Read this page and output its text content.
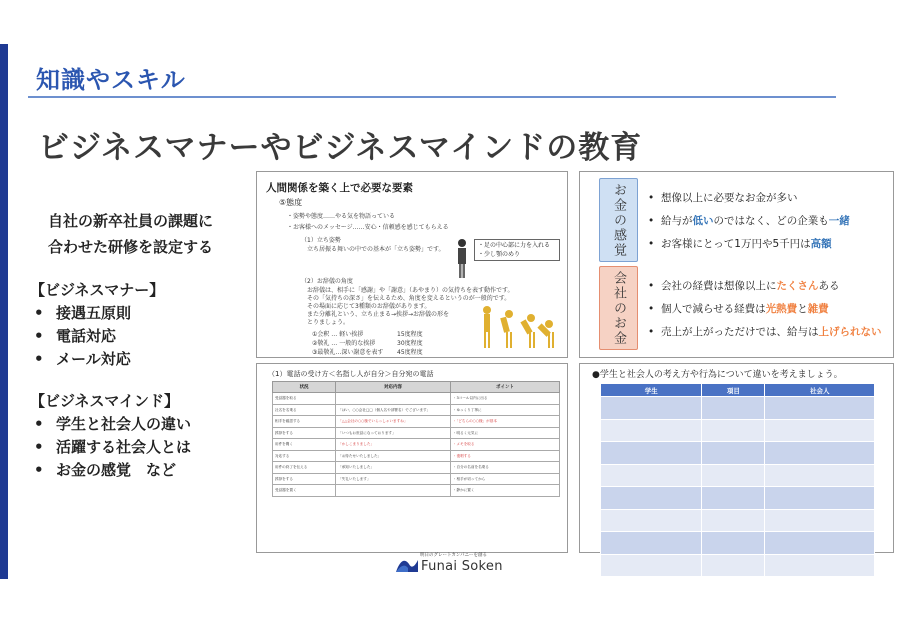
知識やスキル
ビジネスマナーやビジネスマインドの教育
自社の新卒社員の課題に
合わせた研修を設定する
【ビジネスマナー】
• 接遇五原則
• 電話対応
• メール対応
【ビジネスマインド】
• 学生と社会人の違い
• 活躍する社会人とは
• お金の感覚　など
人間関係を築く上で必要な要素
⑤態度
・姿勢や態度……やる気を物語っている
・お客様へのメッセージ……安心・信頼感を感じてもらえる
（1）立ち姿勢
立ち居振る舞いの中での基本が「立ち姿勢」です。
・足の中心部に力を入れる
・少し顎のめり
（2）お辞儀の角度
お辞儀は、相手に「感謝」や「謝意」（あやまり）の気持ちを表す動作です。
その「気持ちの深さ」を伝えるため、角度を変えるというのが一般的です。
その場面に応じて3種類のお辞儀があります。
また分離礼という、立ち止まる→挨拶→お辞儀の形を
とりましょう。
①会釈 … 軽い挨拶	15度程度
②敬礼 … 一般的な挨拶	30度程度
③最敬礼…深い謝意を表す 45度程度
（1）電話の受け方＜名指し人が自分＞自分宛の電話
状況	対応内容	ポイント
受話器を取る		・3コール以内に出る
社名を名乗る	「はい、○○会社□□（個人名や部署名）でございます」	・ゆっくり丁寧に
相手を確認する	「△△会社の○○様でいらっしゃいますね」	・「どちらの○○様」が基本
挨拶をする	「いつもお世話になっております」	・明るく元気に
用件を聞く	「かしこまりました」	・メモを取る
対応する	「お待たせいたしました」	・復唱する
用件の終了を伝える	「承知いたしました」	・自分の名前を名乗る
挨拶をする	「失礼いたします」	・相手が切ってから
受話器を置く		・静かに置く
お金の感覚	• 想像以上に必要なお金が多い
• 給与が低いのではなく、どの企業も一緒
• お客様にとって1万円や5千円は高額
会社のお金	• 会社の経費は想像以上にたくさんある
• 個人で減らせる経費は光熱費と雑費
• 売上が上がっただけでは、給与は上げられない
●学生と社会人の考え方や行為について違いを考えましょう。
学生	項目	社会人

明日のグレートカンパニーを創る
Funai Soken
